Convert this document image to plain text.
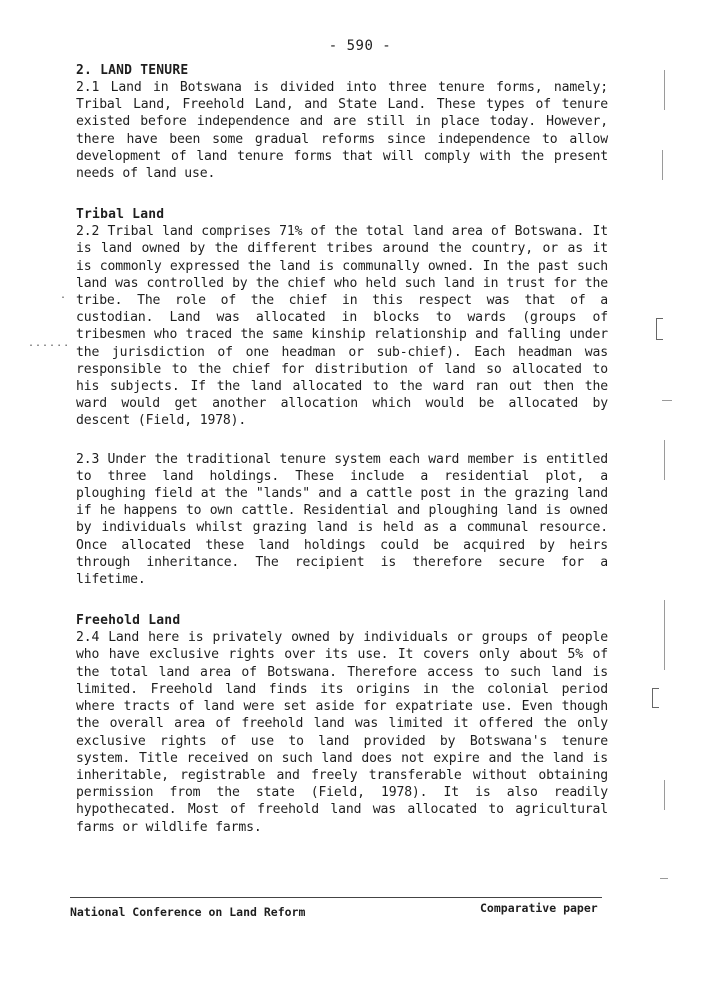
- 590 -
2. LAND TENURE

2.1 Land in Botswana is divided into three tenure forms, namely; Tribal Land, Freehold Land, and State Land. These types of tenure existed before independence and are still in place today. However, there have been some gradual reforms since independence to allow development of land tenure forms that will comply with the present needs of land use.

Tribal Land

2.2 Tribal land comprises 71% of the total land area of Botswana. It is land owned by the different tribes around the country, or as it is commonly expressed the land is communally owned. In the past such land was controlled by the chief who held such land in trust for the tribe. The role of the chief in this respect was that of a custodian. Land was allocated in blocks to wards (groups of tribesmen who traced the same kinship relationship and falling under the jurisdiction of one headman or sub-chief). Each headman was responsible to the chief for distribution of land so allocated to his subjects. If the land allocated to the ward ran out then the ward would get another allocation which would be allocated by descent (Field, 1978).

2.3 Under the traditional tenure system each ward member is entitled to three land holdings. These include a residential plot, a ploughing field at the "lands" and a cattle post in the grazing land if he happens to own cattle. Residential and ploughing land is owned by individuals whilst grazing land is held as a communal resource. Once allocated these land holdings could be acquired by heirs through inheritance. The recipient is therefore secure for a lifetime.

Freehold Land

2.4 Land here is privately owned by individuals or groups of people who have exclusive rights over its use. It covers only about 5% of the total land area of Botswana. Therefore access to such land is limited. Freehold land finds its origins in the colonial period where tracts of land were set aside for expatriate use. Even though the overall area of freehold land was limited it offered the only exclusive rights of use to land provided by Botswana's tenure system. Title received on such land does not expire and the land is inheritable, registrable and freely transferable without obtaining permission from the state (Field, 1978). It is also readily hypothecated. Most of freehold land was allocated to agricultural farms or wildlife farms.

National Conference on Land Reform	Comparative paper
......
.
